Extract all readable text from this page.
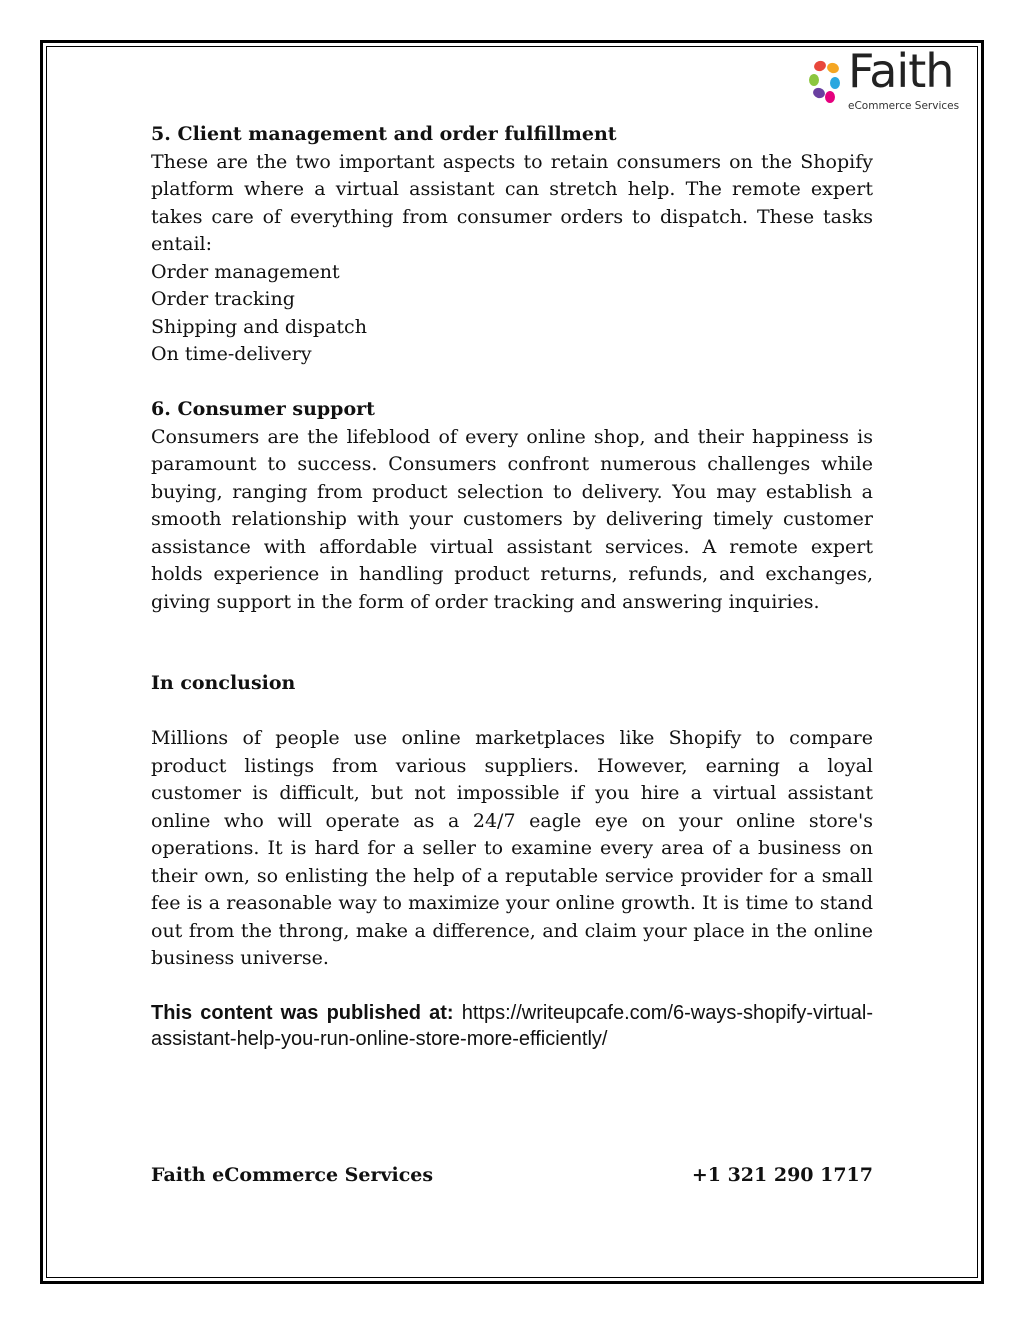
Faith
eCommerce Services

5. Client management and order fulfillment

These are the two important aspects to retain consumers on the Shopify platform where a virtual assistant can stretch help. The remote expert takes care of everything from consumer orders to dispatch. These tasks entail:

Order management

Order tracking

Shipping and dispatch

On time-delivery

6. Consumer support

Consumers are the lifeblood of every online shop, and their happiness is paramount to success. Consumers confront numerous challenges while buying, ranging from product selection to delivery. You may establish a smooth relationship with your customers by delivering timely customer assistance with affordable virtual assistant services. A remote expert holds experience in handling product returns, refunds, and exchanges, giving support in the form of order tracking and answering inquiries.

In conclusion

Millions of people use online marketplaces like Shopify to compare product listings from various suppliers. However, earning a loyal customer is difficult, but not impossible if you hire a virtual assistant online who will operate as a 24/7 eagle eye on your online store's operations. It is hard for a seller to examine every area of a business on their own, so enlisting the help of a reputable service provider for a small fee is a reasonable way to maximize your online growth. It is time to stand out from the throng, make a difference, and claim your place in the online business universe.

This content was published at: https://writeupcafe.com/6-ways-shopify-virtual-assistant-help-you-run-online-store-more-efficiently/

Faith eCommerce Services	+1 321 290 1717
